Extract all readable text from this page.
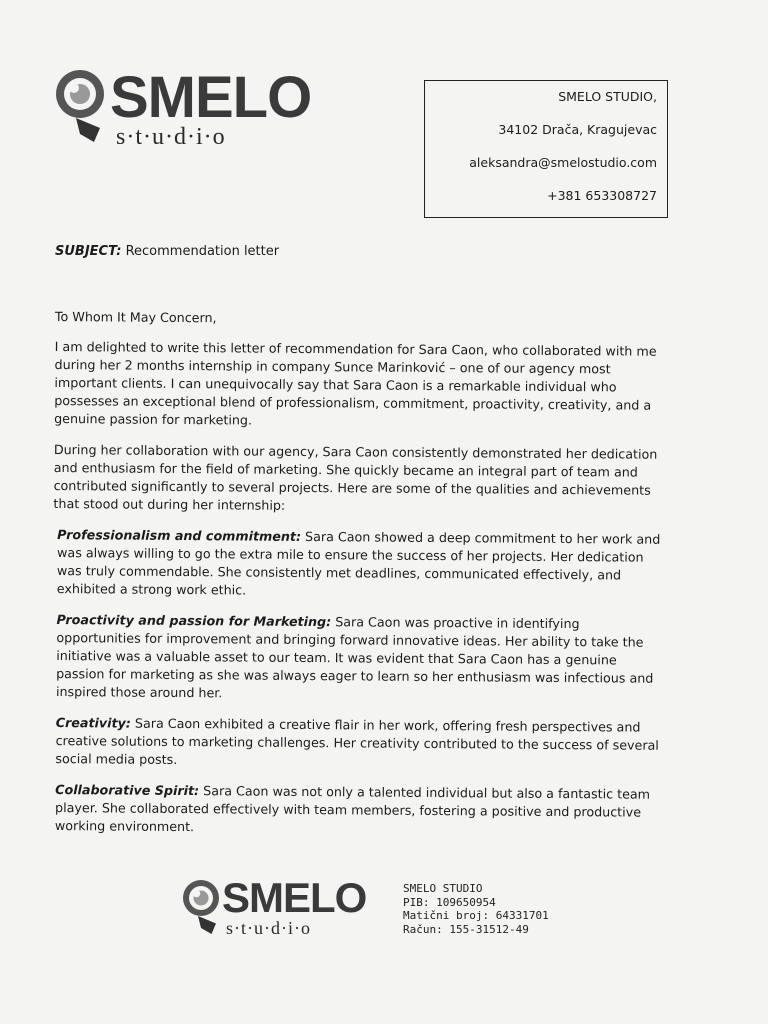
SMELO
s·t·u·d·i·o
SMELO STUDIO,
34102 Drača, Kragujevac
aleksandra@smelostudio.com
+381 653308727
SUBJECT: Recommendation letter

To Whom It May Concern,

I am delighted to write this letter of recommendation for Sara Caon, who collaborated with me during her 2 months internship in company Sunce Marinković – one of our agency most important clients. I can unequivocally say that Sara Caon is a remarkable individual who possesses an exceptional blend of professionalism, commitment, proactivity, creativity, and a genuine passion for marketing.

During her collaboration with our agency, Sara Caon consistently demonstrated her dedication and enthusiasm for the field of marketing. She quickly became an integral part of team and contributed significantly to several projects. Here are some of the qualities and achievements that stood out during her internship:

Professionalism and commitment: Sara Caon showed a deep commitment to her work and was always willing to go the extra mile to ensure the success of her projects. Her dedication was truly commendable. She consistently met deadlines, communicated effectively, and exhibited a strong work ethic.

Proactivity and passion for Marketing: Sara Caon was proactive in identifying opportunities for improvement and bringing forward innovative ideas. Her ability to take the initiative was a valuable asset to our team. It was evident that Sara Caon has a genuine passion for marketing as she was always eager to learn so her enthusiasm was infectious and inspired those around her.

Creativity: Sara Caon exhibited a creative flair in her work, offering fresh perspectives and creative solutions to marketing challenges. Her creativity contributed to the success of several social media posts.

Collaborative Spirit: Sara Caon was not only a talented individual but also a fantastic team player. She collaborated effectively with team members, fostering a positive and productive working environment.

SMELO
s·t·u·d·i·o
SMELO STUDIO
PIB: 109650954
Matični broj: 64331701
Račun: 155-31512-49
